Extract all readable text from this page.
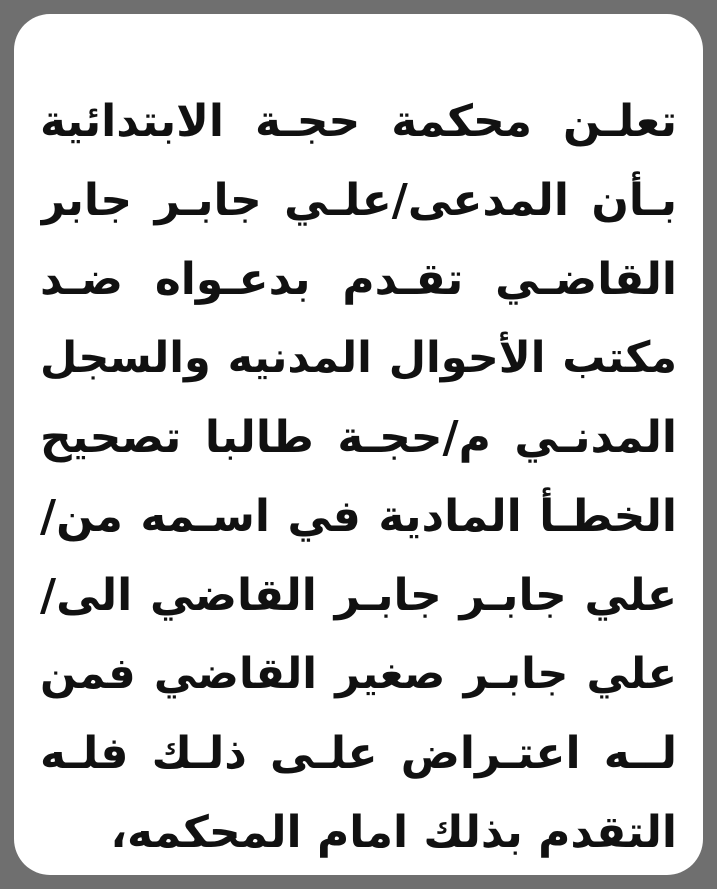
تعلـن محكمة حجـة الابتدائية
بـأن المدعى/علـي جابـر جابر
القاضـي تقـدم بدعـواه ضـد
مكتب الأحوال المدنيه والسجل
المدنـي م/حجـة طالبا تصحيح
الخطـأ المادية في اسـمه من/
علي جابـر جابـر القاضي الى/
علي جابـر صغير القاضي فمن
لــه اعتـراض علـى ذلـك فلـه
التقدم بذلك امام المحكمه،
